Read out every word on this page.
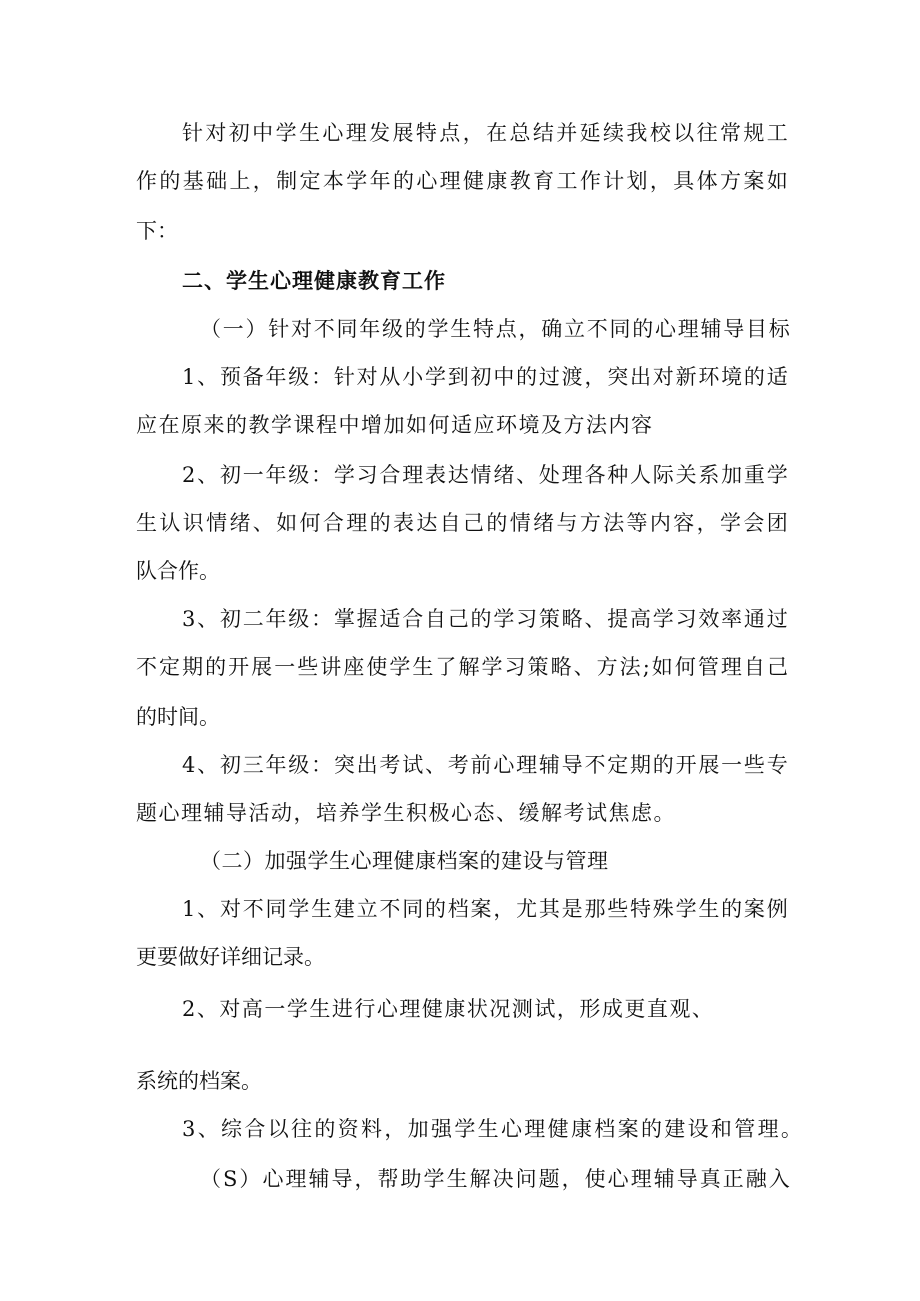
针 对 初 中 学 生 心 理 发 展 特 点 ， 在 总 结 并 延 续 我 校 以 往 常 规 工
作 的 基 础 上 ， 制 定 本 学 年 的 心 理 健 康 教 育 工 作 计 划 ， 具 体 方 案 如
下：
二、学生心理健康教育工作
（ 一 ） 针 对 不 同 年 级 的 学 生 特 点 ， 确 立 不 同 的 心 理 辅 导 目 标
1 、 预 备 年 级 ： 针 对 从 小 学 到 初 中 的 过 渡 ， 突 出 对 新 环 境 的 适
应在原来的教学课程中增加如何适应环境及方法内容
2 、 初 一 年 级 ： 学 习 合 理 表 达 情 绪 、 处 理 各 种 人 际 关 系 加 重 学
生 认 识 情 绪 、 如 何 合 理 的 表 达 自 己 的 情 绪 与 方 法 等 内 容 ， 学 会 团
队合作。
3 、 初 二 年 级 ： 掌 握 适 合 自 己 的 学 习 策 略 、 提 高 学 习 效 率 通 过
不 定 期 的 开 展 一 些 讲 座 使 学 生 了 解 学 习 策 略 、 方 法 ; 如 何 管 理 自 己
的时间。
4 、 初 三 年 级 ： 突 出 考 试 、 考 前 心 理 辅 导 不 定 期 的 开 展 一 些 专
题心理辅导活动，培养学生积极心态、缓解考试焦虑。
（二）加强学生心理健康档案的建设与管理
1 、 对 不 同 学 生 建 立 不 同 的 档 案 ， 尤 其 是 那 些 特 殊 学 生 的 案 例
更要做好详细记录。
2、对高一学生进行心理健康状况测试，形成更直观、
系统的档案。
3 、 综 合 以 往 的 资 料 ， 加 强 学 生 心 理 健 康 档 案 的 建 设 和 管 理 。
（ S ） 心 理 辅 导 ， 帮 助 学 生 解 决 问 题 ， 使 心 理 辅 导 真 正 融 入
